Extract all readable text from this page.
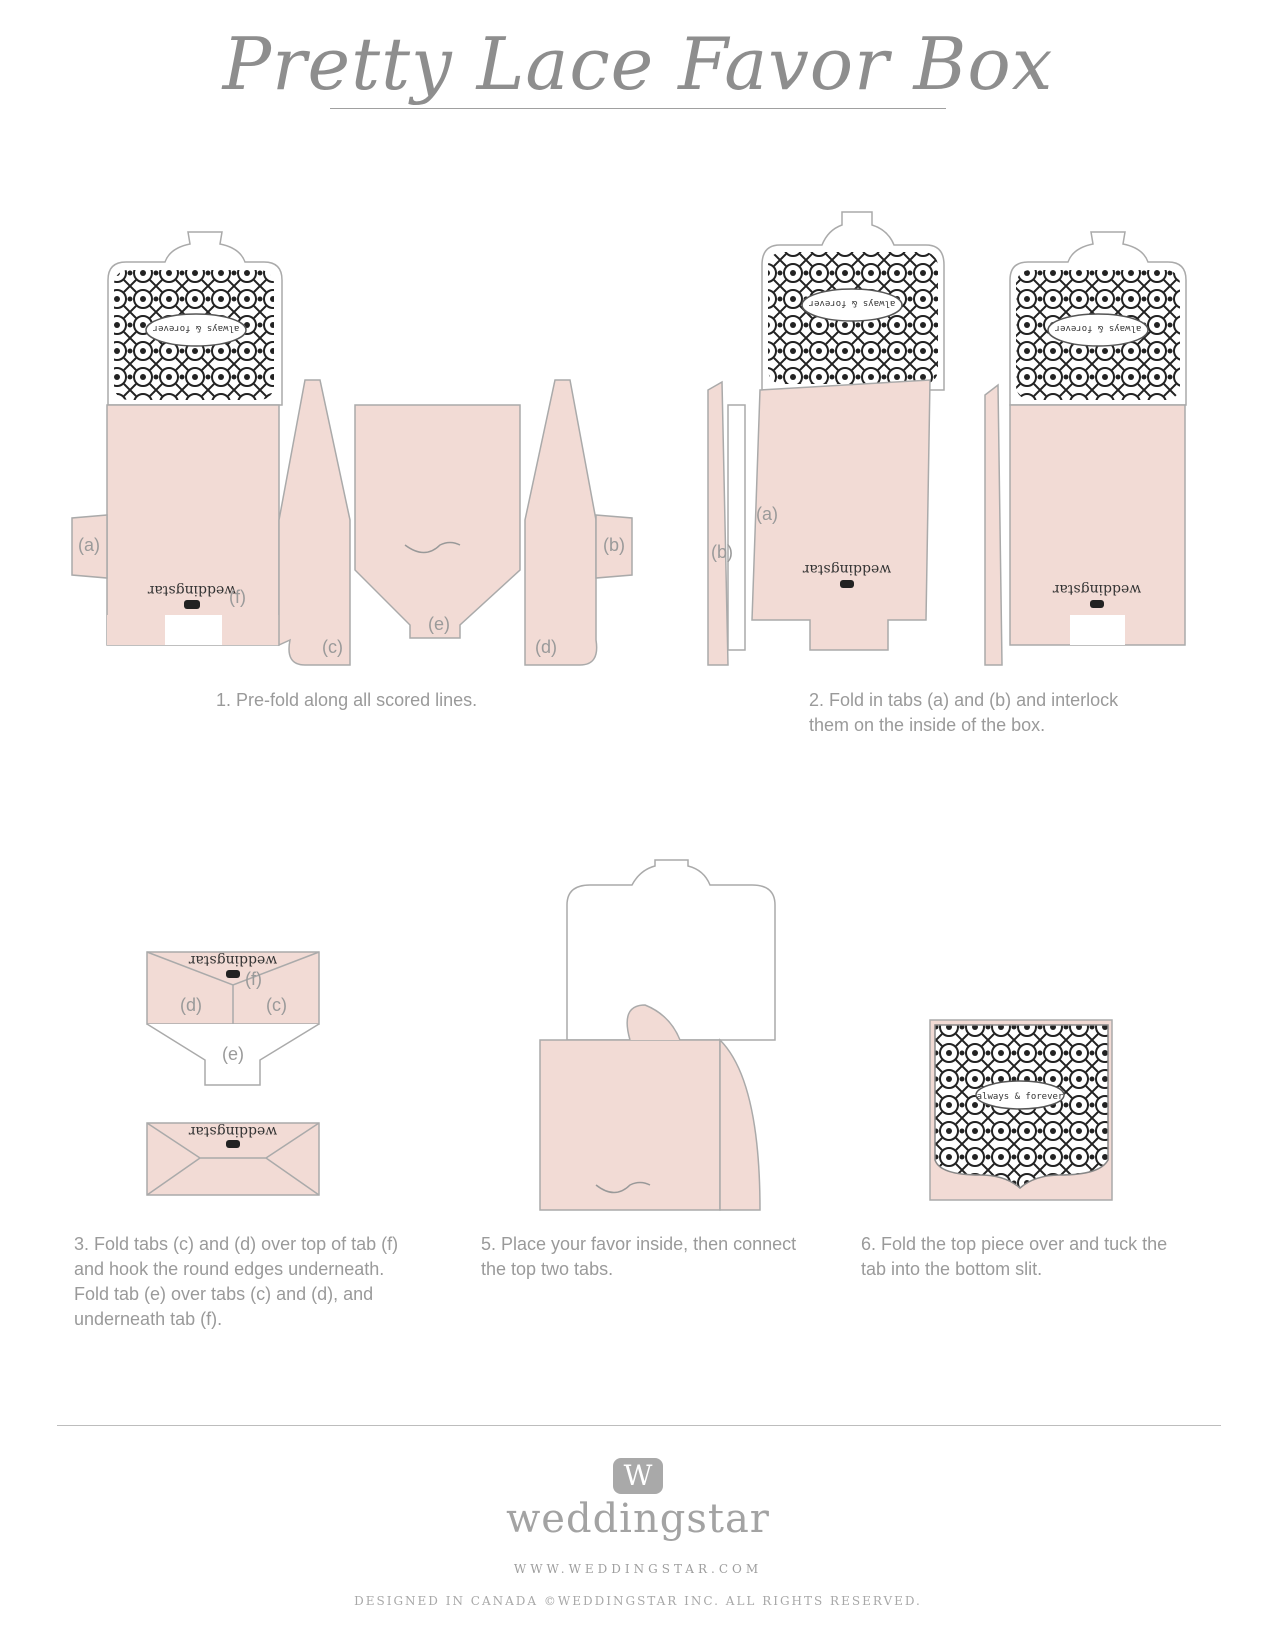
Pretty Lace Favor Box
always & forever
always & forever
always & forever
always & forever
weddingstar
weddingstar
weddingstar
weddingstar
weddingstar
(a)
(f)
(c)
(e)
(d)
(b)
(a)
(b)
(f)
(d)	(c)
(e)
1. Pre-fold along all scored lines.	2. Fold in tabs (a) and (b) and interlock
them on the inside of the box.
3. Fold tabs (c) and (d) over top of tab (f)
and hook the round edges underneath.
Fold tab (e) over tabs (c) and (d), and
underneath tab (f).
5. Place your favor inside, then connect
the top two tabs.
6. Fold the top piece over and tuck the
tab into the bottom slit.
W
weddingstar
WWW.WEDDINGSTAR.COM
DESIGNED IN CANADA ©WEDDINGSTAR INC. ALL RIGHTS RESERVED.
